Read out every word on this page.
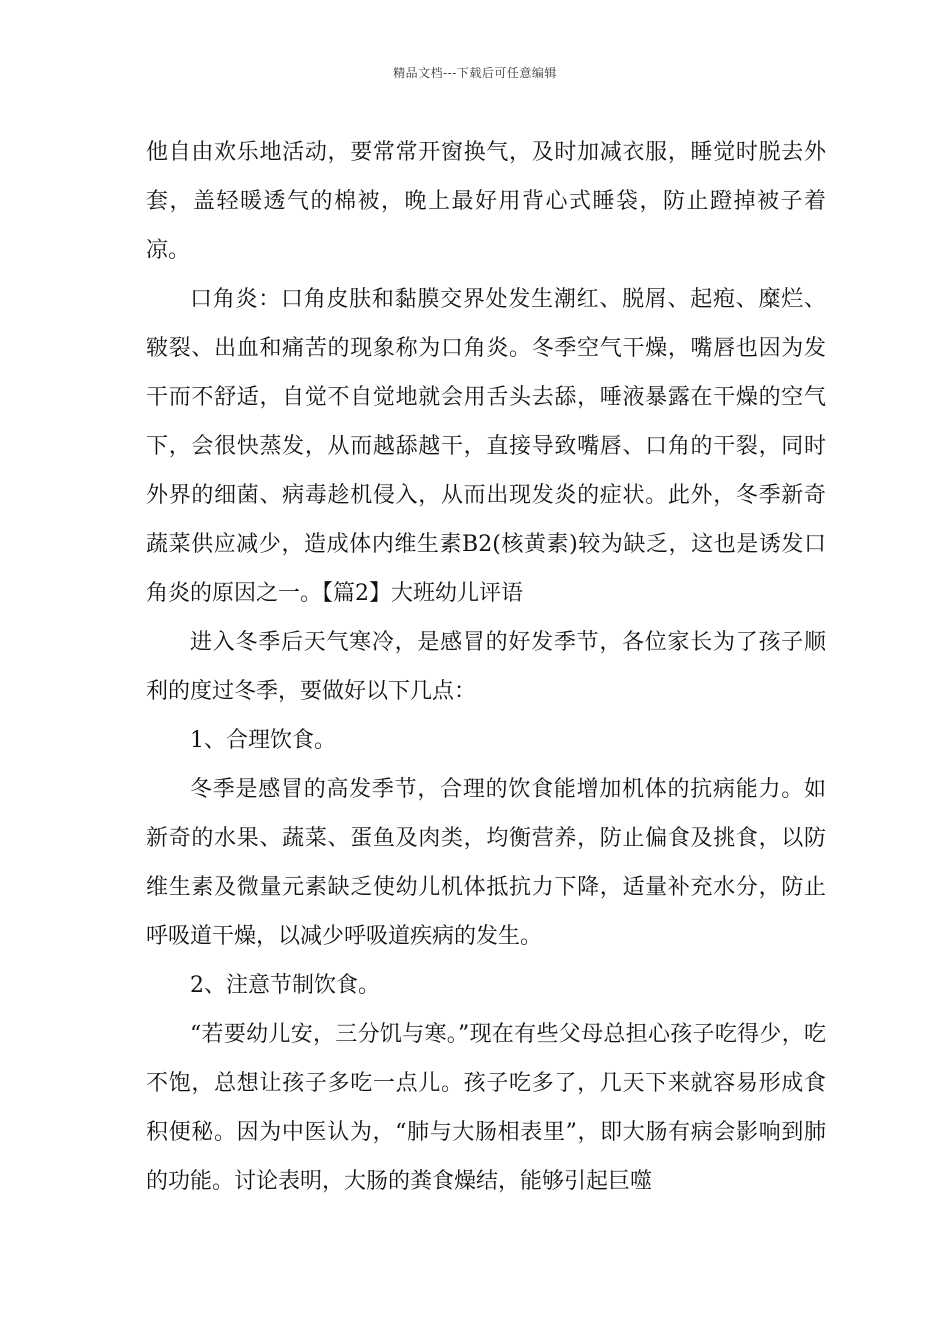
精品文档---下载后可任意编辑

他自由欢乐地活动，要常常开窗换气，及时加减衣服，睡觉时脱去外套，盖轻暖透气的棉被，晚上最好用背心式睡袋，防止蹬掉被子着凉。

口角炎：口角皮肤和黏膜交界处发生潮红、脱屑、起疱、糜烂、皲裂、出血和痛苦的现象称为口角炎。冬季空气干燥，嘴唇也因为发干而不舒适，自觉不自觉地就会用舌头去舔，唾液暴露在干燥的空气下，会很快蒸发，从而越舔越干，直接导致嘴唇、口角的干裂，同时外界的细菌、病毒趁机侵入，从而出现发炎的症状。此外，冬季新奇蔬菜供应减少，造成体内维生素B2(核黄素)较为缺乏，这也是诱发口角炎的原因之一。【篇2】大班幼儿评语

进入冬季后天气寒冷，是感冒的好发季节，各位家长为了孩子顺利的度过冬季，要做好以下几点：

1、合理饮食。

冬季是感冒的高发季节，合理的饮食能增加机体的抗病能力。如新奇的水果、蔬菜、蛋鱼及肉类，均衡营养，防止偏食及挑食，以防维生素及微量元素缺乏使幼儿机体抵抗力下降，适量补充水分，防止呼吸道干燥，以减少呼吸道疾病的发生。

2、注意节制饮食。

“若要幼儿安，三分饥与寒。”现在有些父母总担心孩子吃得少，吃不饱，总想让孩子多吃一点儿。孩子吃多了，几天下来就容易形成食积便秘。因为中医认为，“肺与大肠相表里”，即大肠有病会影响到肺的功能。讨论表明，大肠的粪食燥结，能够引起巨噬
